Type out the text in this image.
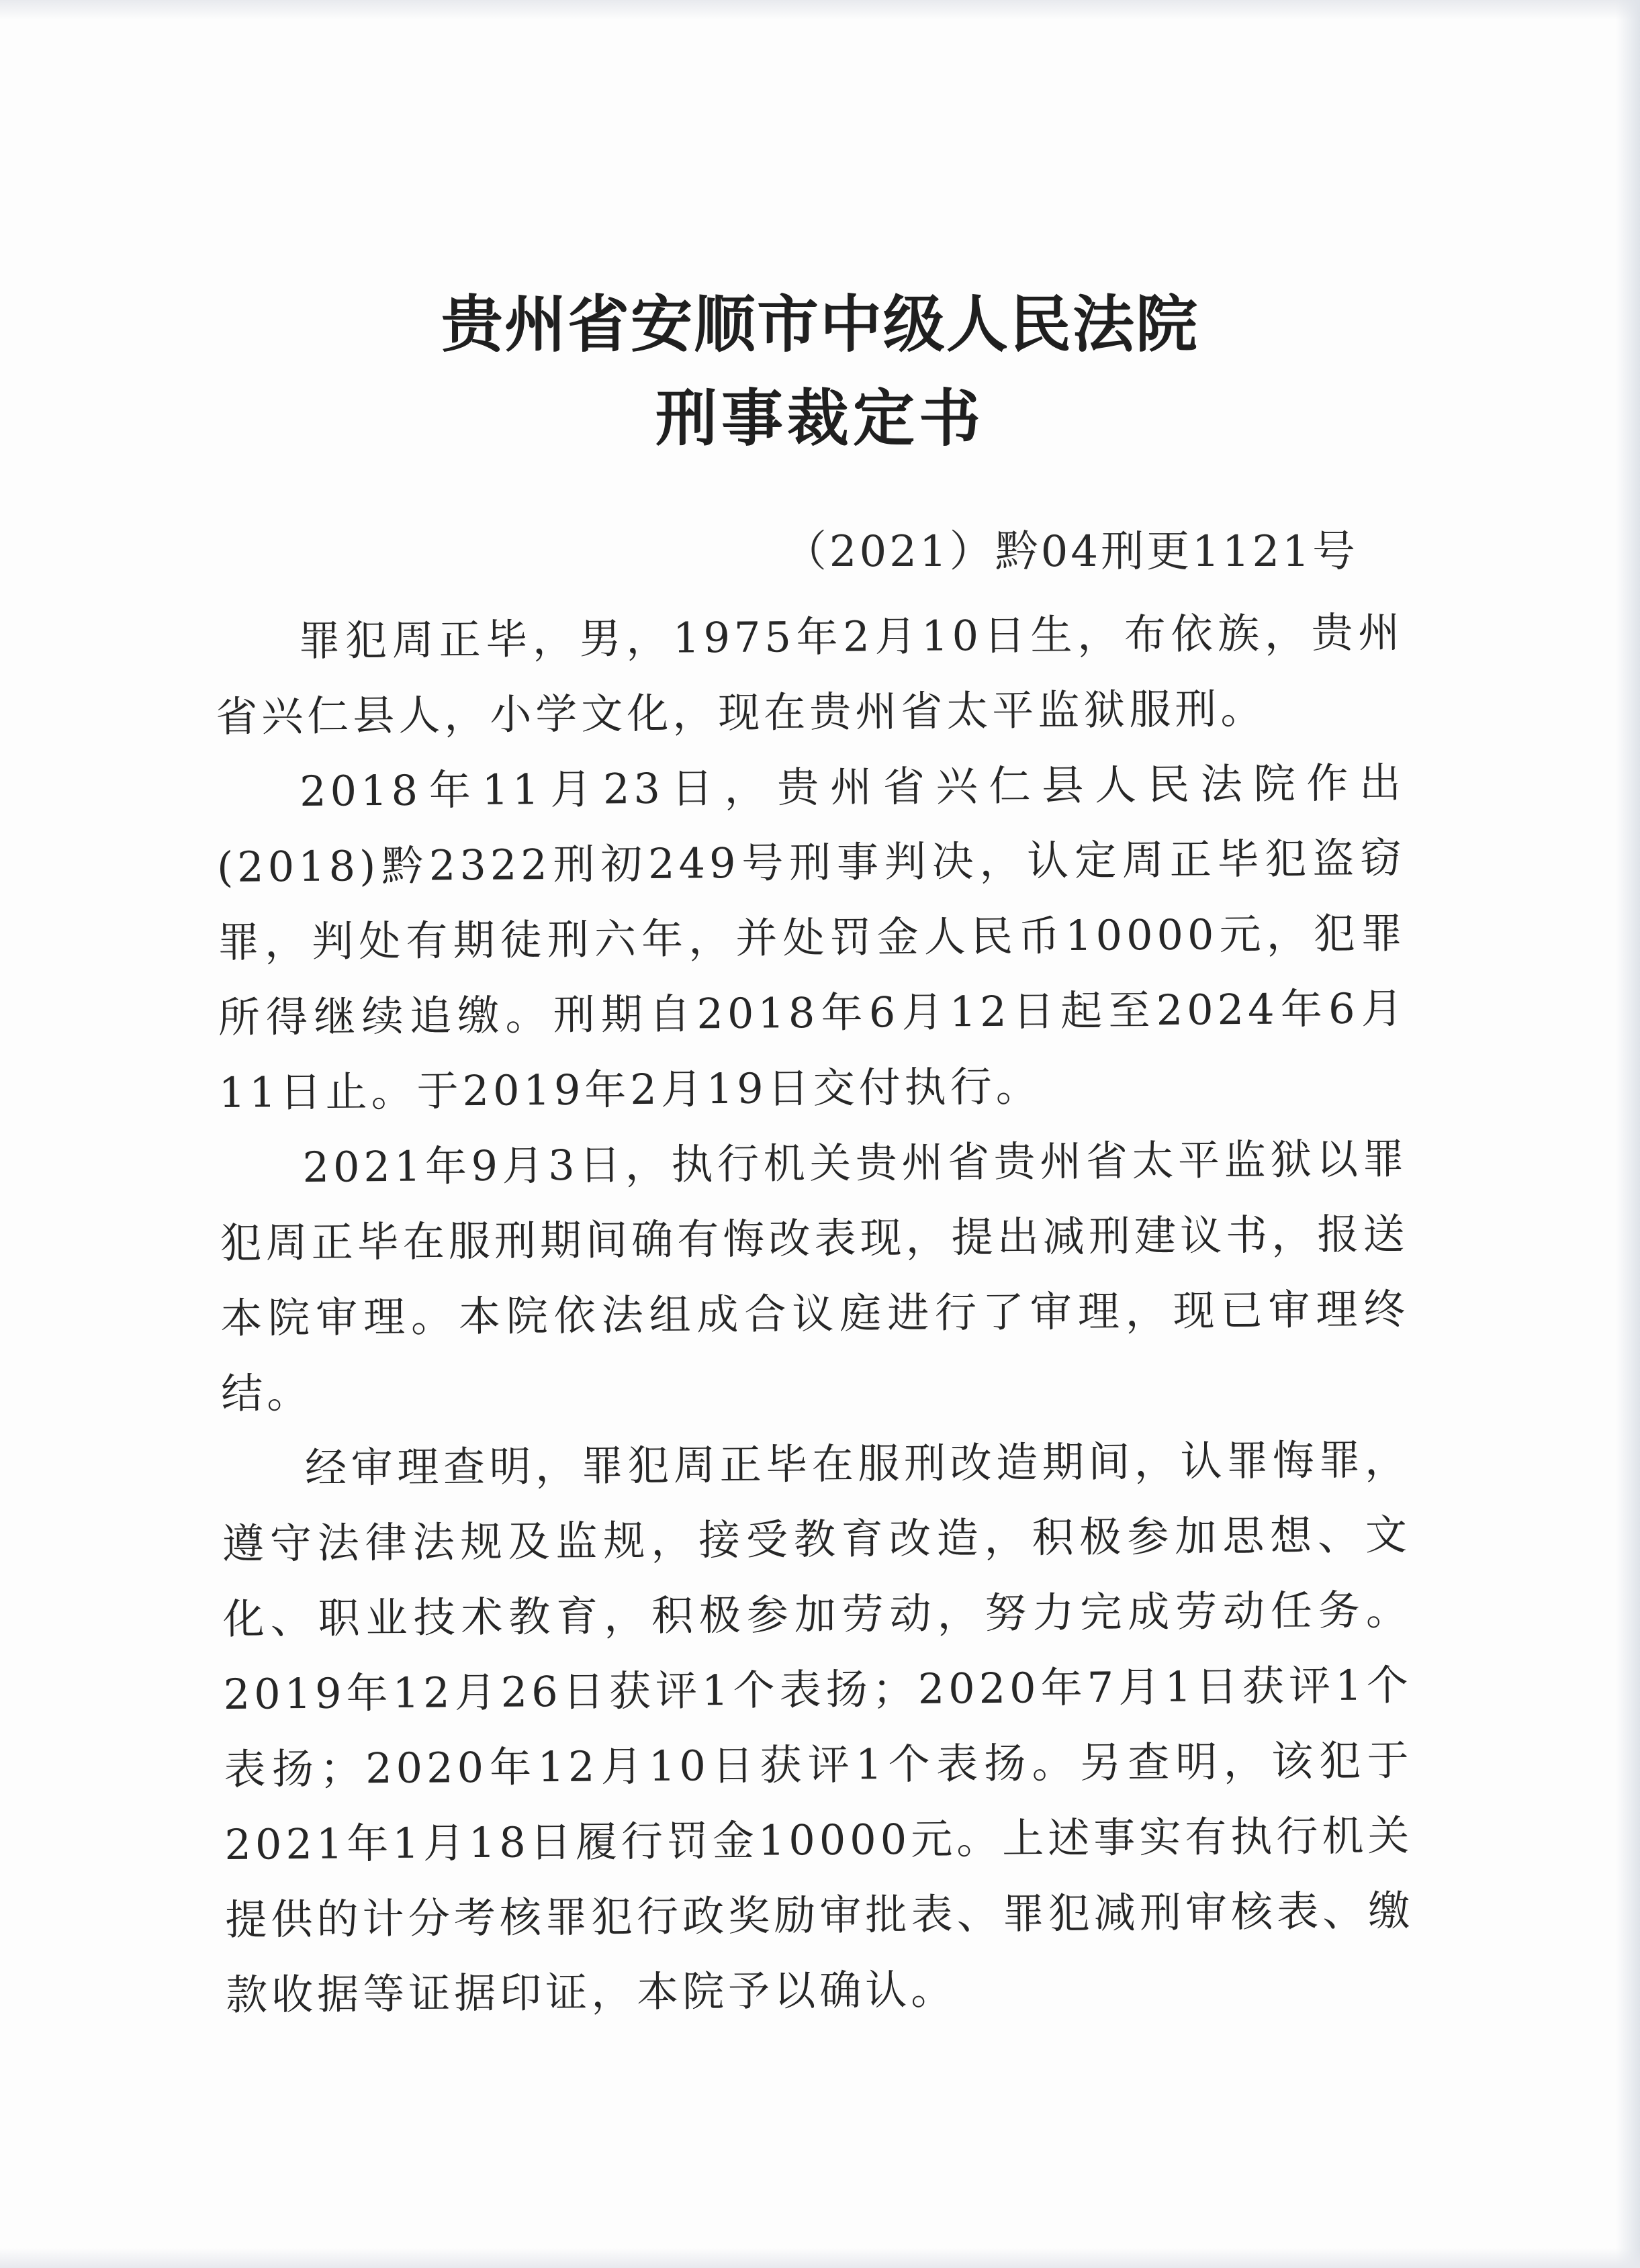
贵州省安顺市中级人民法院
刑事裁定书
（2021）黔04刑更1121号

罪犯周正毕，男，1975年2月10日生，布依族，贵州省兴仁县人，小学文化，现在贵州省太平监狱服刑。

2018年11月23日，贵州省兴仁县人民法院作出(2018)黔2322刑初249号刑事判决，认定周正毕犯盗窃罪，判处有期徒刑六年，并处罚金人民币10000元，犯罪所得继续追缴。刑期自2018年6月12日起至2024年6月11日止。于2019年2月19日交付执行。

2021年9月3日，执行机关贵州省贵州省太平监狱以罪犯周正毕在服刑期间确有悔改表现，提出减刑建议书，报送本院审理。本院依法组成合议庭进行了审理，现已审理终结。

经审理查明，罪犯周正毕在服刑改造期间，认罪悔罪，遵守法律法规及监规，接受教育改造，积极参加思想、文化、职业技术教育，积极参加劳动，努力完成劳动任务。2019年12月26日获评1个表扬；2020年7月1日获评1个表扬；2020年12月10日获评1个表扬。另查明，该犯于2021年1月18日履行罚金10000元。上述事实有执行机关提供的计分考核罪犯行政奖励审批表、罪犯减刑审核表、缴款收据等证据印证，本院予以确认。
